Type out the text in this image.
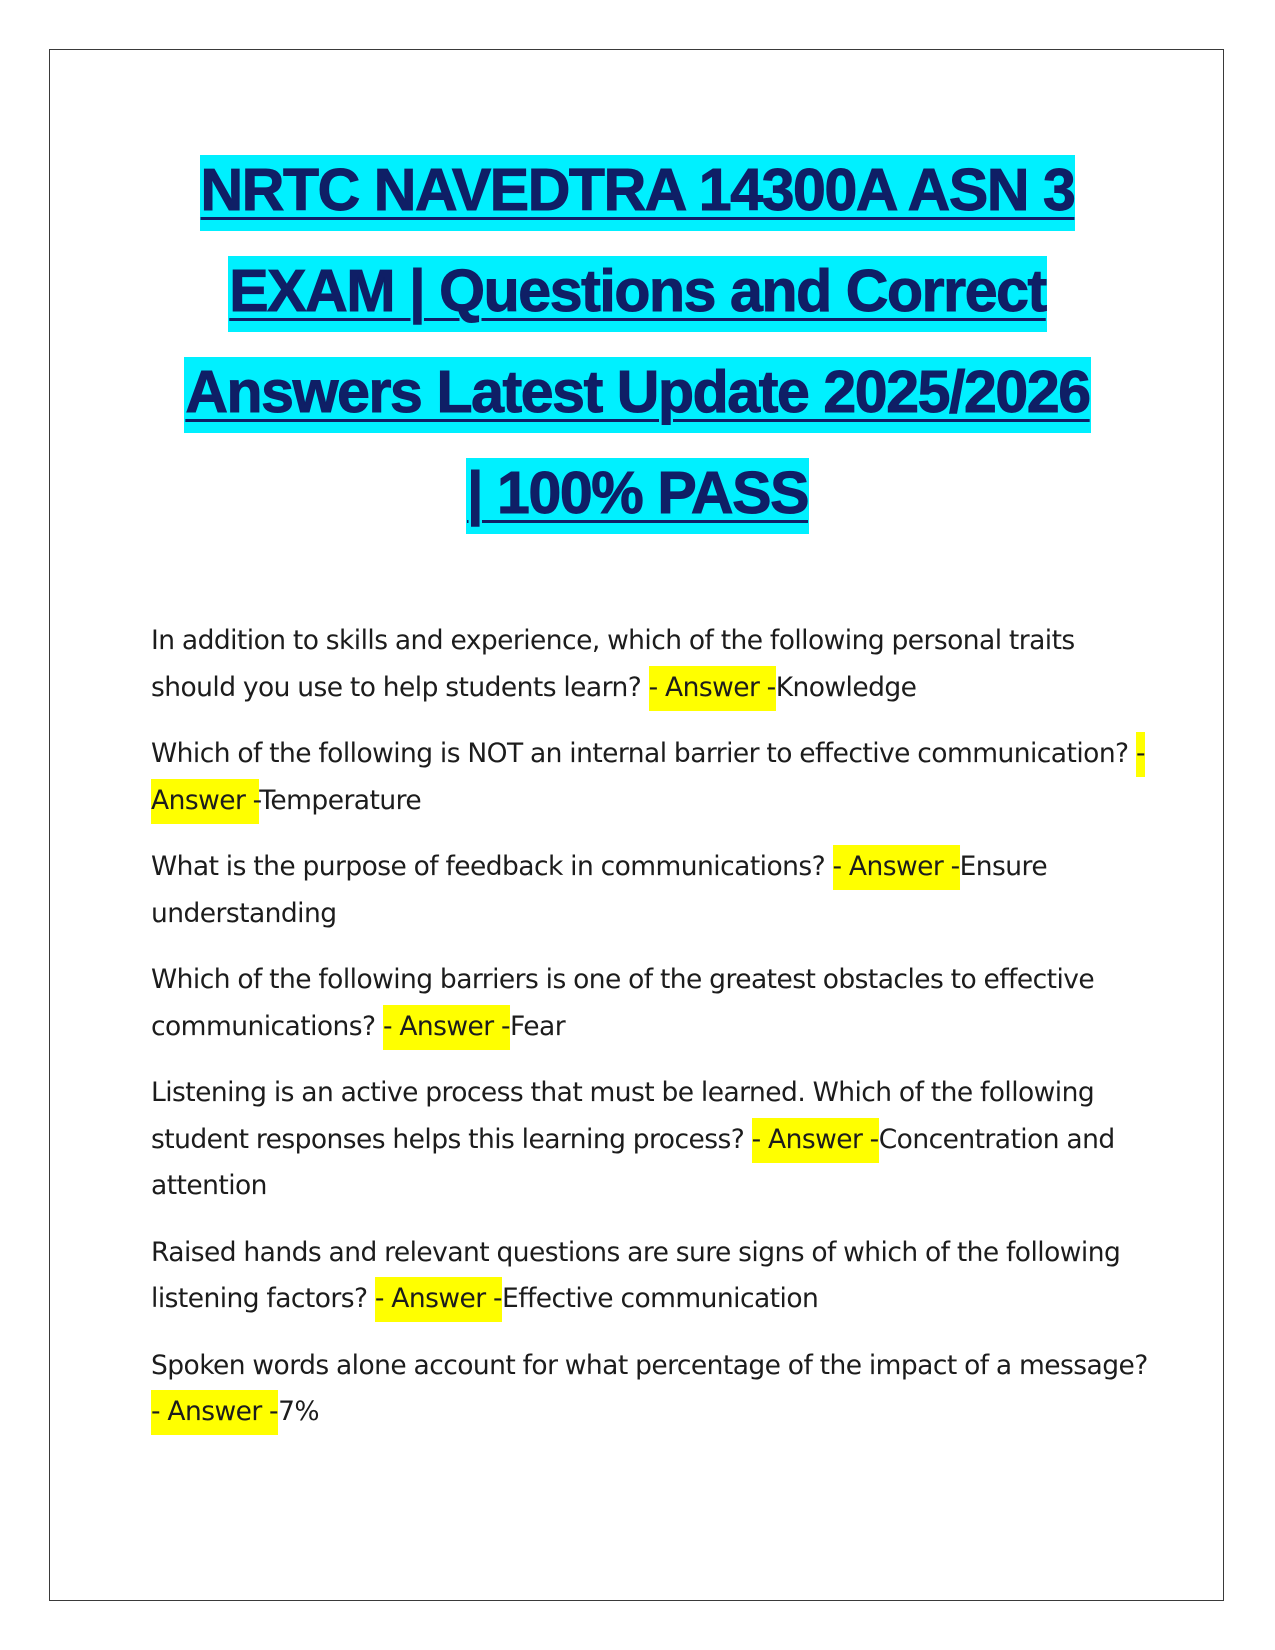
NRTC NAVEDTRA 14300A ASN 3

EXAM | Questions and Correct

Answers Latest Update 2025/2026

| 100% PASS

In addition to skills and experience, which of the following personal traits should you use to help students learn? - Answer -Knowledge

Which of the following is NOT an internal barrier to effective communication? - Answer -Temperature

What is the purpose of feedback in communications? - Answer -Ensure understanding

Which of the following barriers is one of the greatest obstacles to effective communications? - Answer -Fear

Listening is an active process that must be learned. Which of the following student responses helps this learning process? - Answer -Concentration and attention

Raised hands and relevant questions are sure signs of which of the following listening factors? - Answer -Effective communication

Spoken words alone account for what percentage of the impact of a message? - Answer -7%
